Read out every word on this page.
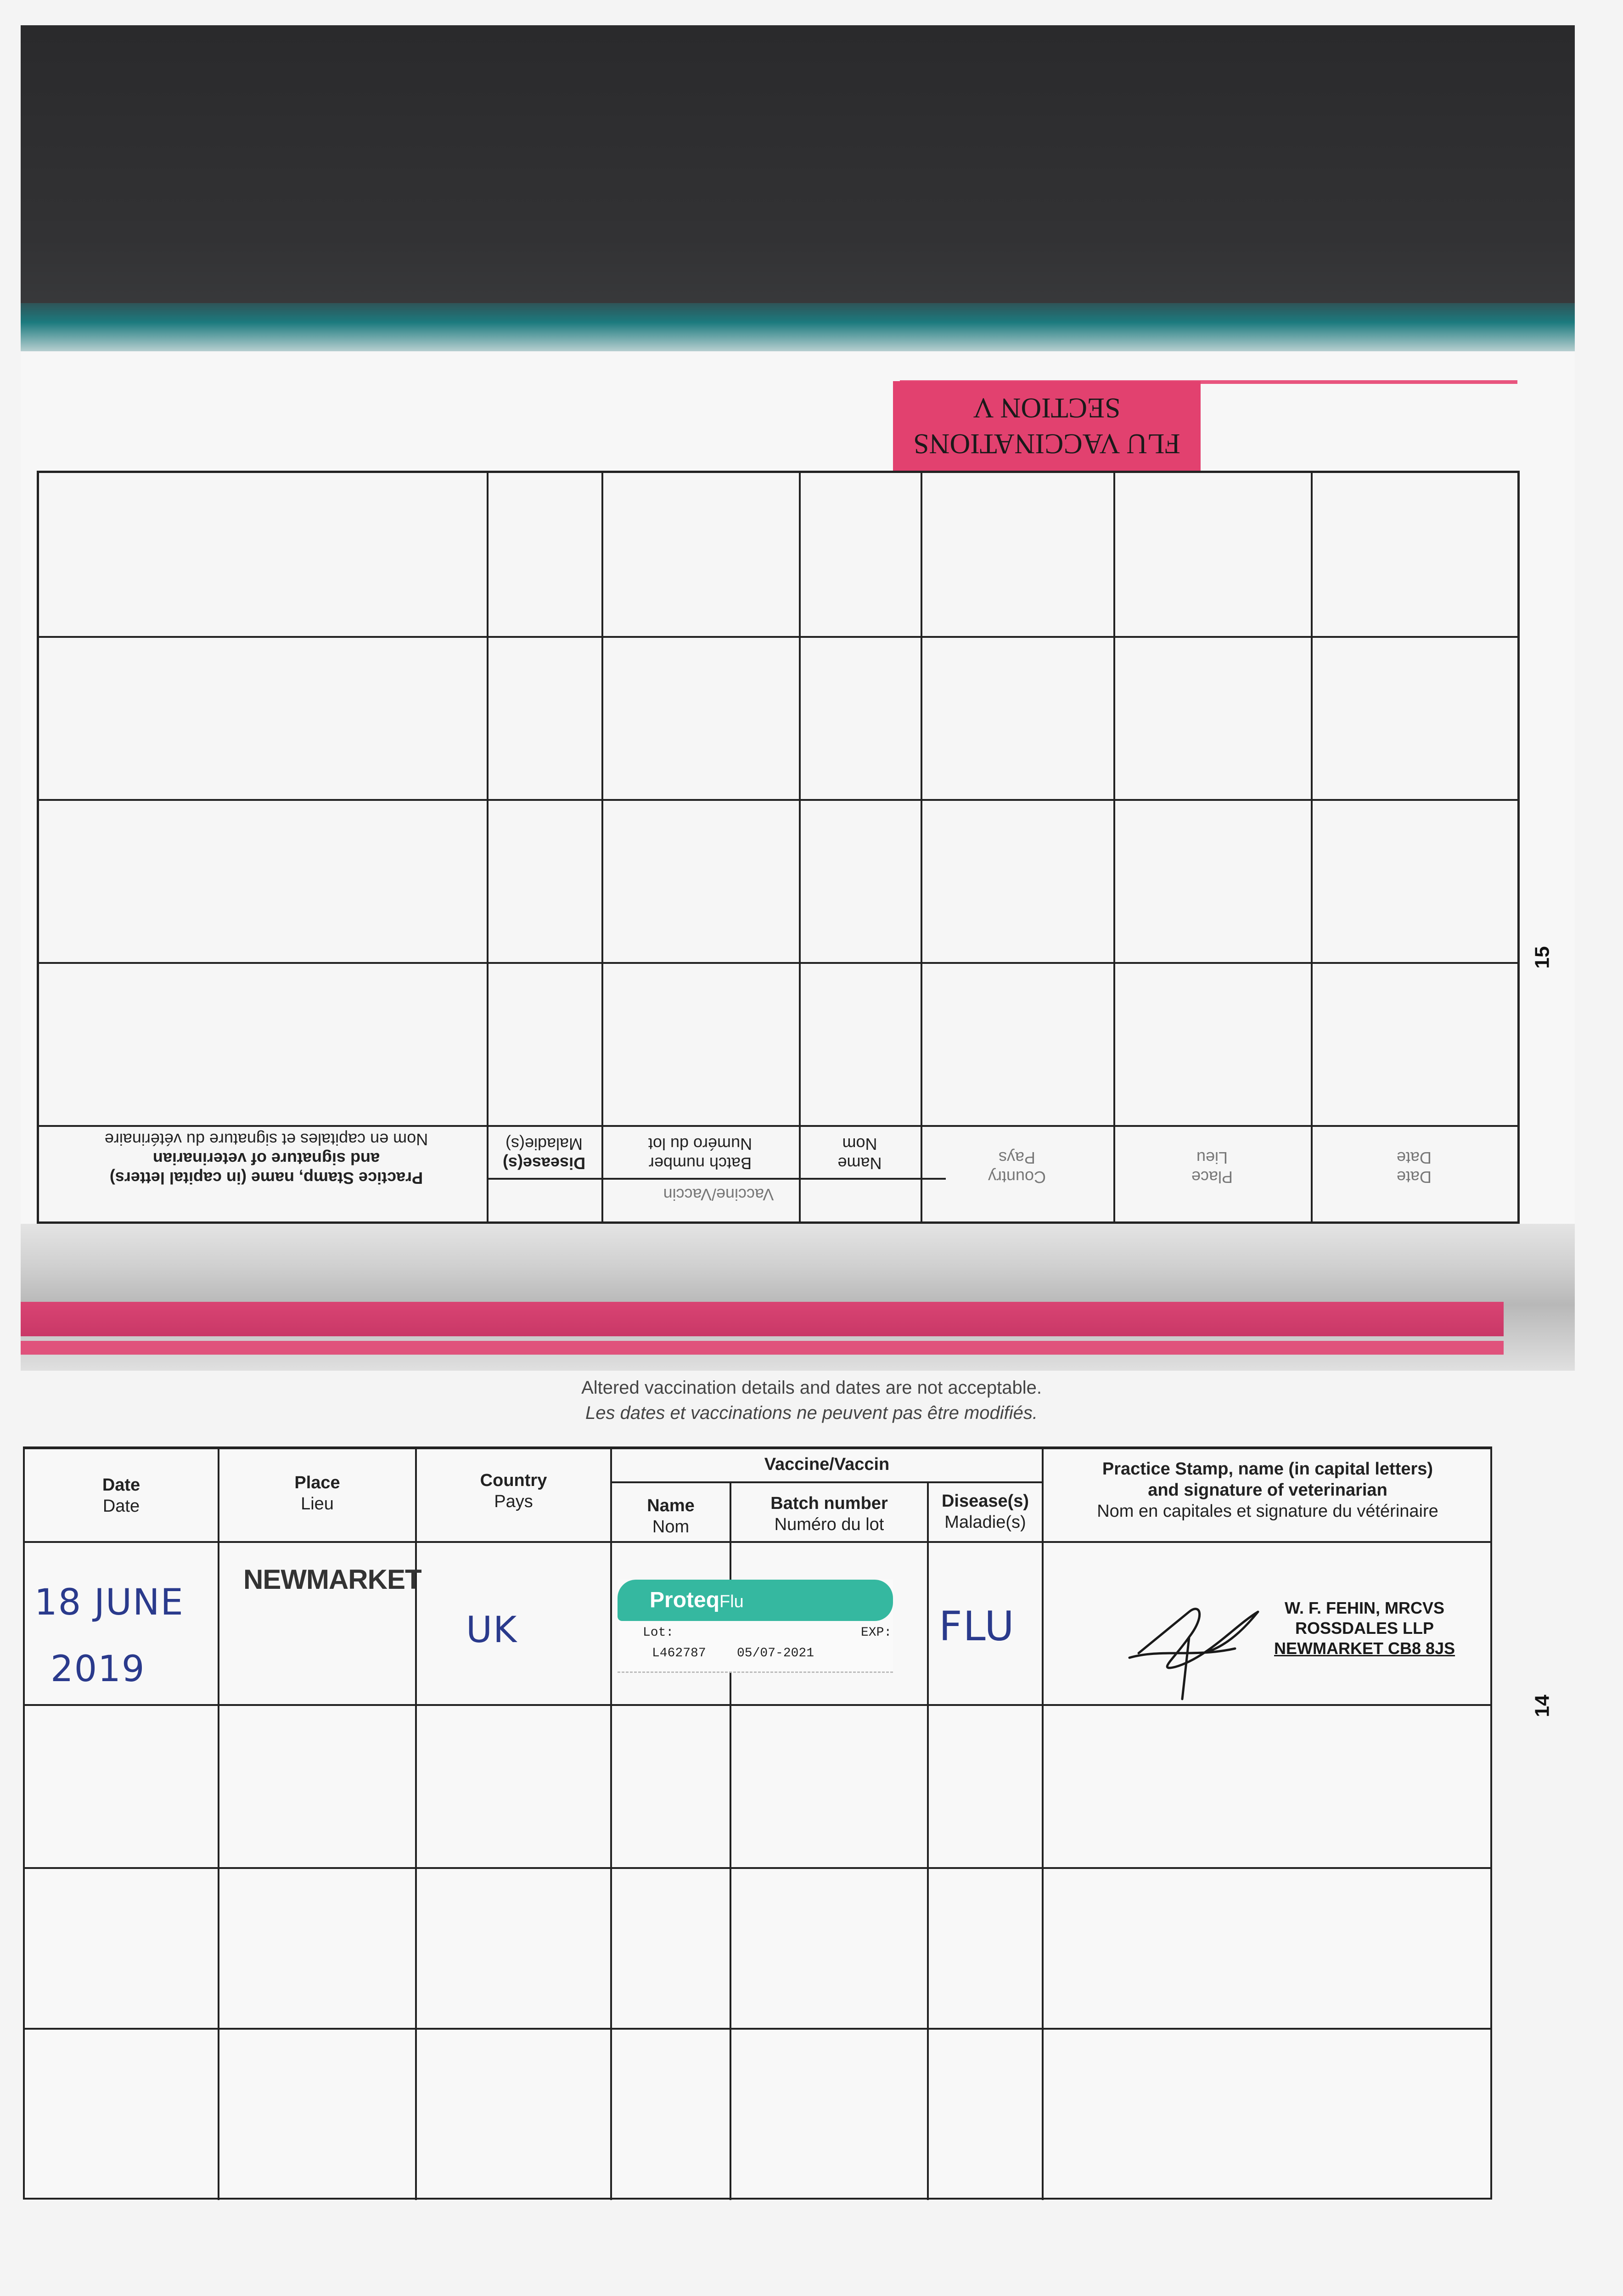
FLU VACCINATIONS
SECTION V
Practice Stamp, name (in capital letters)
and signature of veterinarian
Nom en capitales et signature du vétérinaire
Disease(s)
Maladie(s)
Batch number
Numéro du lot
Name
Nom
Vaccine/Vaccin
Country
Pays
Place
Lieu
Date
Date
15
Altered vaccination details and dates are not acceptable.
Les dates et vaccinations ne peuvent pas être modifiés.
Date
Date
Place
Lieu
Country
Pays
Vaccine/Vaccin
Name
Nom
Batch number
Numéro du lot
Disease(s)
Maladie(s)
Practice Stamp, name (in capital letters)
and signature of veterinarian
Nom en capitales et signature du vétérinaire
18 JUNE
2019
NEWMARKET
UK
ProteqFlu
Lot:	EXP:
L462787 05/07-2021
FLU	W. F. FEHIN, MRCVS
ROSSDALES LLP
NEWMARKET CB8 8JS
14
